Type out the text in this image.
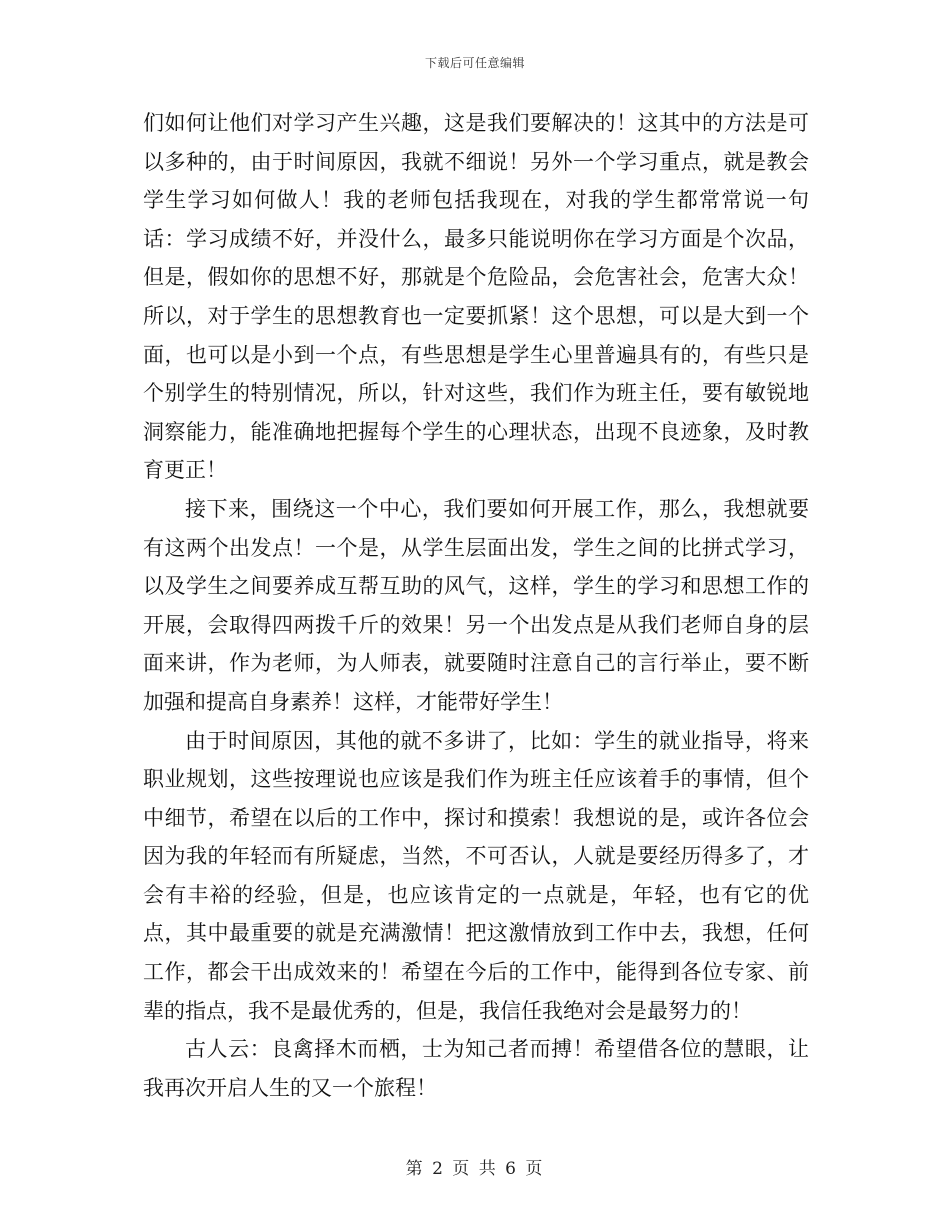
下载后可任意编辑

们如何让他们对学习产生兴趣，这是我们要解决的！这其中的方法是可以多种的，由于时间原因，我就不细说！另外一个学习重点，就是教会学生学习如何做人！我的老师包括我现在，对我的学生都常常说一句话：学习成绩不好，并没什么，最多只能说明你在学习方面是个次品，但是，假如你的思想不好，那就是个危险品，会危害社会，危害大众！所以，对于学生的思想教育也一定要抓紧！这个思想，可以是大到一个面，也可以是小到一个点，有些思想是学生心里普遍具有的，有些只是个别学生的特别情况，所以，针对这些，我们作为班主任，要有敏锐地洞察能力，能准确地把握每个学生的心理状态，出现不良迹象，及时教育更正！

接下来，围绕这一个中心，我们要如何开展工作，那么，我想就要有这两个出发点！一个是，从学生层面出发，学生之间的比拼式学习，以及学生之间要养成互帮互助的风气，这样，学生的学习和思想工作的开展，会取得四两拨千斤的效果！另一个出发点是从我们老师自身的层面来讲，作为老师，为人师表，就要随时注意自己的言行举止，要不断加强和提高自身素养！这样，才能带好学生！

由于时间原因，其他的就不多讲了，比如：学生的就业指导，将来职业规划，这些按理说也应该是我们作为班主任应该着手的事情，但个中细节，希望在以后的工作中，探讨和摸索！我想说的是，或许各位会因为我的年轻而有所疑虑，当然，不可否认，人就是要经历得多了，才会有丰裕的经验，但是，也应该肯定的一点就是，年轻，也有它的优点，其中最重要的就是充满激情！把这激情放到工作中去，我想，任何工作，都会干出成效来的！希望在今后的工作中，能得到各位专家、前辈的指点，我不是最优秀的，但是，我信任我绝对会是最努力的！

古人云：良禽择木而栖，士为知己者而搏！希望借各位的慧眼，让我再次开启人生的又一个旅程！

第 2 页 共 6 页
